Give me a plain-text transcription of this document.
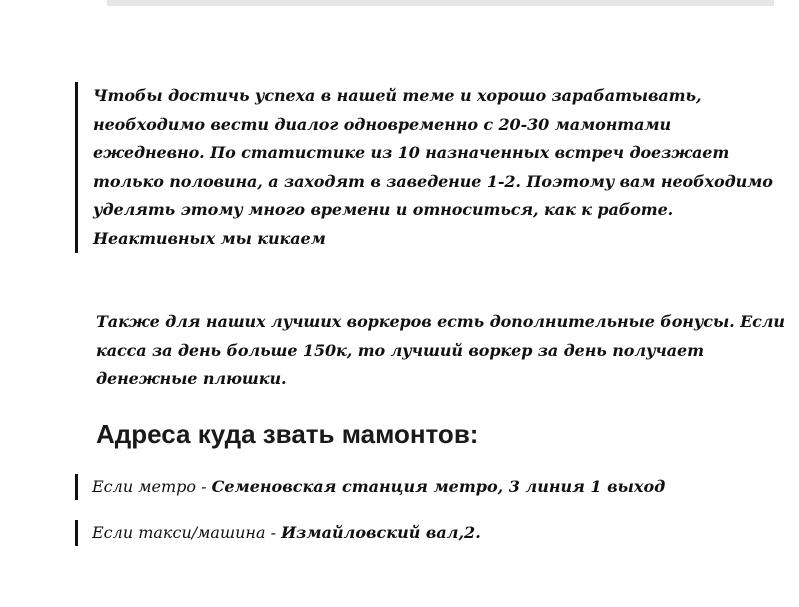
Чтобы достичь успеха в нашей теме и хорошо зарабатывать, необходимо вести диалог одновременно с 20-30 мамонтами ежедневно. По статистике из 10 назначенных встреч доезжает только половина, а заходят в заведение 1-2. Поэтому вам необходимо уделять этому много времени и относиться, как к работе. Неактивных мы кикаем

Также для наших лучших воркеров есть дополнительные бонусы. Если касса за день больше 150к, то лучший воркер за день получает денежные плюшки.

Адреса куда звать мамонтов:
Если метро - Семеновская станция метро, 3 линия 1 выход
Если такси/машина - Измайловский вал,2.
